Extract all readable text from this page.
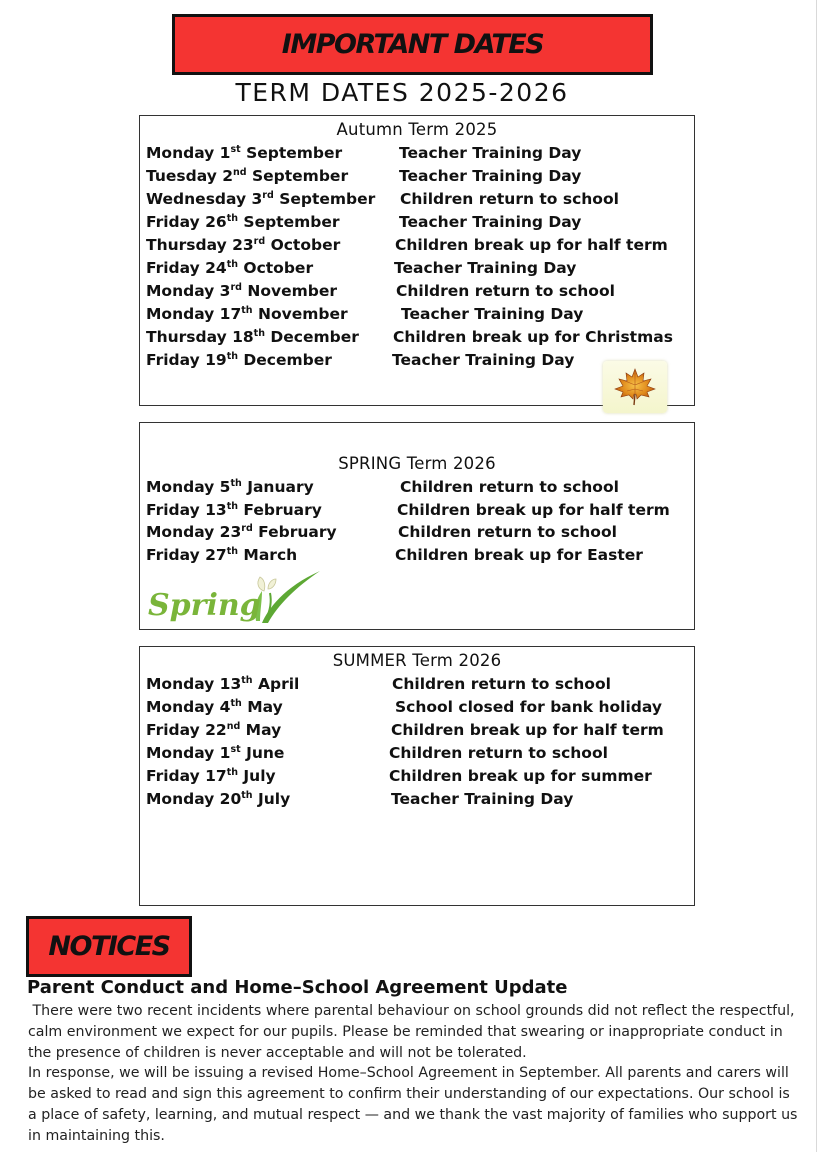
IMPORTANT DATES
TERM DATES 2025-2026
Autumn Term 2025
Monday 1st September	Teacher Training Day
Tuesday 2nd September	Teacher Training Day
Wednesday 3rd September Children return to school
Friday 26th September	Teacher Training Day
Thursday 23rd October	Children break up for half term
Friday 24th October	Teacher Training Day
Monday 3rd November	Children return to school
Monday 17th November	Teacher Training Day
Thursday 18th December Children break up for Christmas
Friday 19th December	Teacher Training Day
SPRING Term 2026
Monday 5th January	Children return to school
Friday 13th February	Children break up for half term
Monday 23rd February	Children return to school
Friday 27th March	Children break up for Easter
Spring
SUMMER Term 2026
Monday 13th April	Children return to school
Monday 4th May	School closed for bank holiday
Friday 22nd May	Children break up for half term
Monday 1st June	Children return to school
Friday 17th July	Children break up for summer
Monday 20th July	Teacher Training Day
NOTICES
Parent Conduct and Home–School Agreement Update

There were two recent incidents where parental behaviour on school grounds did not reflect the respectful, calm environment we expect for our pupils. Please be reminded that swearing or inappropriate conduct in the presence of children is never acceptable and will not be tolerated.

In response, we will be issuing a revised Home–School Agreement in September. All parents and carers will be asked to read and sign this agreement to confirm their understanding of our expectations. Our school is a place of safety, learning, and mutual respect — and we thank the vast majority of families who support us in maintaining this.
